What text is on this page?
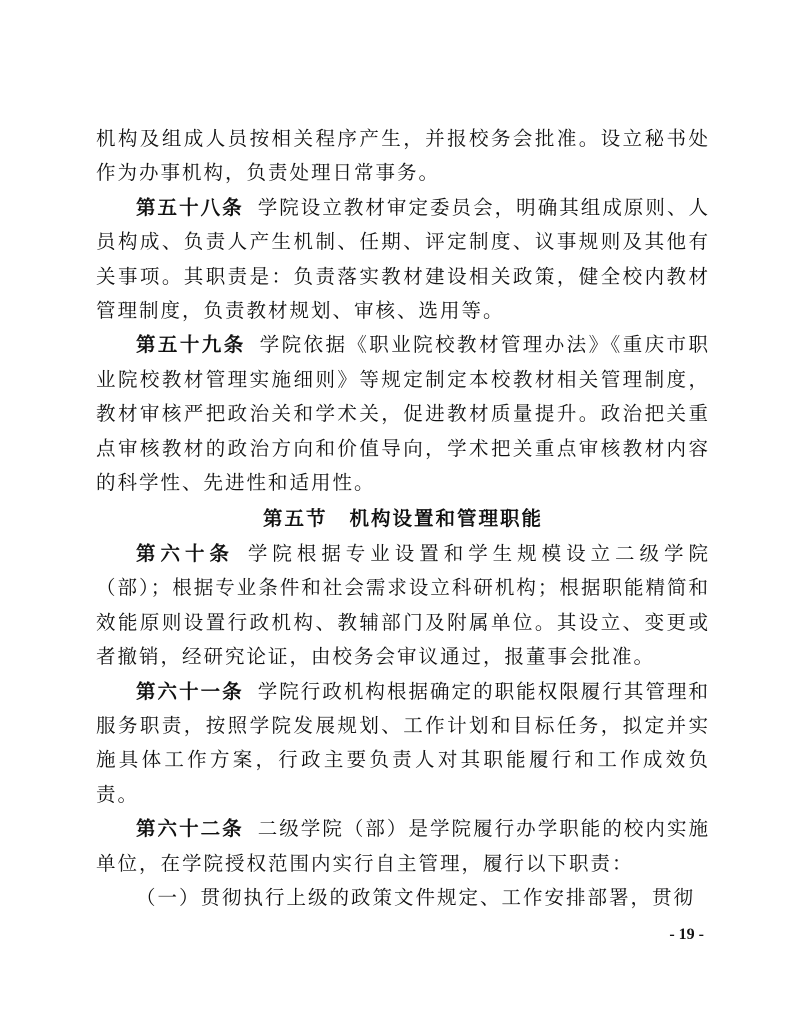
机构及组成人员按相关程序产生，并报校务会批准。设立秘书处作为办事机构，负责处理日常事务。

第五十八条 学院设立教材审定委员会，明确其组成原则、人员构成、负责人产生机制、任期、评定制度、议事规则及其他有关事项。其职责是：负责落实教材建设相关政策，健全校内教材管理制度，负责教材规划、审核、选用等。

第五十九条 学院依据《职业院校教材管理办法》《重庆市职业院校教材管理实施细则》等规定制定本校教材相关管理制度，教材审核严把政治关和学术关，促进教材质量提升。政治把关重点审核教材的政治方向和价值导向，学术把关重点审核教材内容的科学性、先进性和适用性。

第五节 机构设置和管理职能

第六十条 学院根据专业设置和学生规模设立二级学院（部）；根据专业条件和社会需求设立科研机构；根据职能精简和效能原则设置行政机构、教辅部门及附属单位。其设立、变更或者撤销，经研究论证，由校务会审议通过，报董事会批准。

第六十一条 学院行政机构根据确定的职能权限履行其管理和服务职责，按照学院发展规划、工作计划和目标任务，拟定并实施具体工作方案，行政主要负责人对其职能履行和工作成效负责。

第六十二条 二级学院（部）是学院履行办学职能的校内实施单位，在学院授权范围内实行自主管理，履行以下职责：

（一）贯彻执行上级的政策文件规定、工作安排部署，贯彻

- 19 -
